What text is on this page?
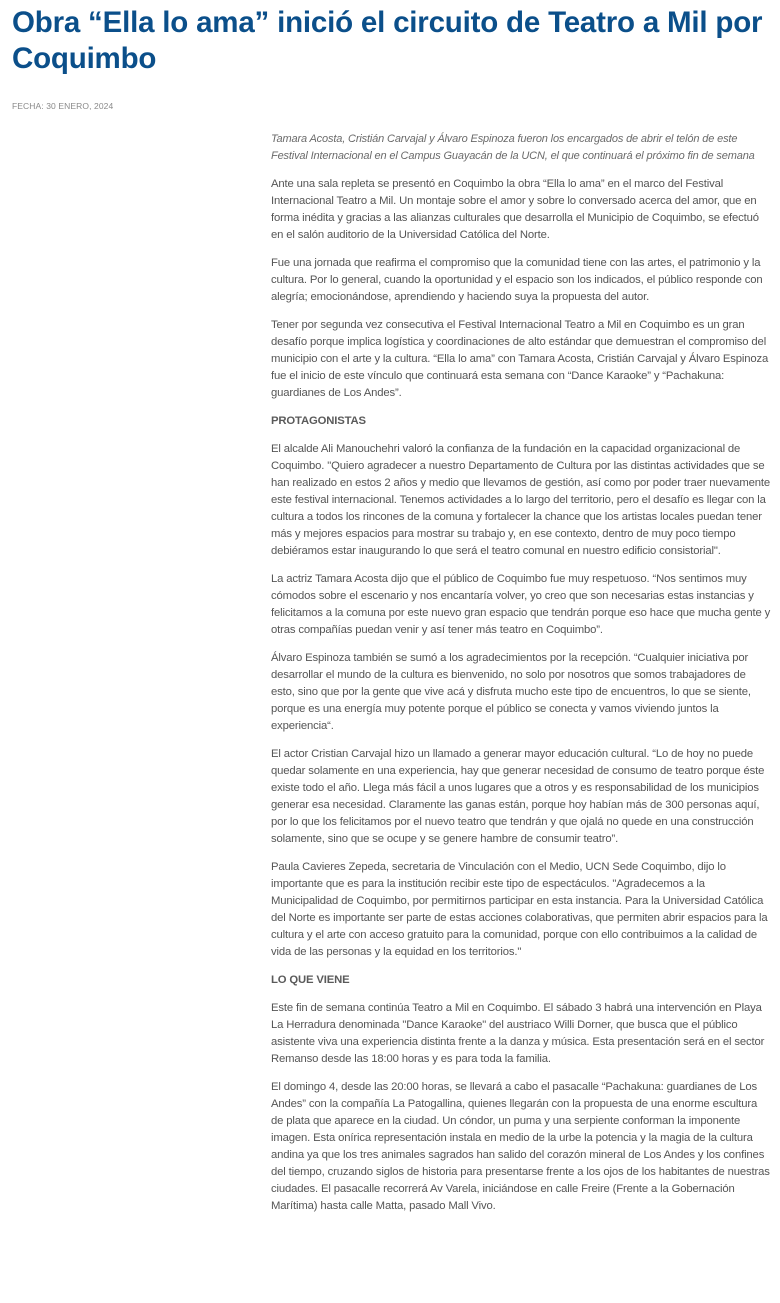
Obra “Ella lo ama” inició el circuito de Teatro a Mil por Coquimbo
FECHA: 30 ENERO, 2024

Tamara Acosta, Cristián Carvajal y Álvaro Espinoza fueron los encargados de abrir el telón de este Festival Internacional en el Campus Guayacán de la UCN, el que continuará el próximo fin de semana

Ante una sala repleta se presentó en Coquimbo la obra “Ella lo ama” en el marco del Festival Internacional Teatro a Mil. Un montaje sobre el amor y sobre lo conversado acerca del amor, que en forma inédita y gracias a las alianzas culturales que desarrolla el Municipio de Coquimbo, se efectuó en el salón auditorio de la Universidad Católica del Norte.

Fue una jornada que reafirma el compromiso que la comunidad tiene con las artes, el patrimonio y la cultura. Por lo general, cuando la oportunidad y el espacio son los indicados, el público responde con alegría; emocionándose, aprendiendo y haciendo suya la propuesta del autor.

Tener por segunda vez consecutiva el Festival Internacional Teatro a Mil en Coquimbo es un gran desafío porque implica logística y coordinaciones de alto estándar que demuestran el compromiso del municipio con el arte y la cultura. “Ella lo ama” con Tamara Acosta, Cristián Carvajal y Álvaro Espinoza fue el inicio de este vínculo que continuará esta semana con “Dance Karaoke” y “Pachakuna: guardianes de Los Andes”.

PROTAGONISTAS

El alcalde Ali Manouchehri valoró la confianza de la fundación en la capacidad organizacional de Coquimbo. "Quiero agradecer a nuestro Departamento de Cultura por las distintas actividades que se han realizado en estos 2 años y medio que llevamos de gestión, así como por poder traer nuevamente este festival internacional. Tenemos actividades a lo largo del territorio, pero el desafío es llegar con la cultura a todos los rincones de la comuna y fortalecer la chance que los artistas locales puedan tener más y mejores espacios para mostrar su trabajo y, en ese contexto, dentro de muy poco tiempo debiéramos estar inaugurando lo que será el teatro comunal en nuestro edificio consistorial".

La actriz Tamara Acosta dijo que el público de Coquimbo fue muy respetuoso. “Nos sentimos muy cómodos sobre el escenario y nos encantaría volver, yo creo que son necesarias estas instancias y felicitamos a la comuna por este nuevo gran espacio que tendrán porque eso hace que mucha gente y otras compañías puedan venir y así tener más teatro en Coquimbo”.

Álvaro Espinoza también se sumó a los agradecimientos por la recepción. “Cualquier iniciativa por desarrollar el mundo de la cultura es bienvenido, no solo por nosotros que somos trabajadores de esto, sino que por la gente que vive acá y disfruta mucho este tipo de encuentros, lo que se siente, porque es una energía muy potente porque el público se conecta y vamos viviendo juntos la experiencia“.

El actor Cristian Carvajal hizo un llamado a generar mayor educación cultural. “Lo de hoy no puede quedar solamente en una experiencia, hay que generar necesidad de consumo de teatro porque éste existe todo el año. Llega más fácil a unos lugares que a otros y es responsabilidad de los municipios generar esa necesidad. Claramente las ganas están, porque hoy habían más de 300 personas aquí, por lo que los felicitamos por el nuevo teatro que tendrán y que ojalá no quede en una construcción solamente, sino que se ocupe y se genere hambre de consumir teatro”.

Paula Cavieres Zepeda, secretaria de Vinculación con el Medio, UCN Sede Coquimbo, dijo lo importante que es para la institución recibir este tipo de espectáculos. "Agradecemos a la Municipalidad de Coquimbo, por permitirnos participar en esta instancia. Para la Universidad Católica del Norte es importante ser parte de estas acciones colaborativas, que permiten abrir espacios para la cultura y el arte con acceso gratuito para la comunidad, porque con ello contribuimos a la calidad de vida de las personas y la equidad en los territorios."

LO QUE VIENE

Este fin de semana continúa Teatro a Mil en Coquimbo. El sábado 3 habrá una intervención en Playa La Herradura denominada "Dance Karaoke" del austriaco Willi Dorner, que busca que el público asistente viva una experiencia distinta frente a la danza y música. Esta presentación será en el sector Remanso desde las 18:00 horas y es para toda la familia.

El domingo 4, desde las 20:00 horas, se llevará a cabo el pasacalle “Pachakuna: guardianes de Los Andes” con la compañía La Patogallina, quienes llegarán con la propuesta de una enorme escultura de plata que aparece en la ciudad. Un cóndor, un puma y una serpiente conforman la imponente imagen. Esta onírica representación instala en medio de la urbe la potencia y la magia de la cultura andina ya que los tres animales sagrados han salido del corazón mineral de Los Andes y los confines del tiempo, cruzando siglos de historia para presentarse frente a los ojos de los habitantes de nuestras ciudades. El pasacalle recorrerá Av Varela, iniciándose en calle Freire (Frente a la Gobernación Marítima) hasta calle Matta, pasado Mall Vivo.
